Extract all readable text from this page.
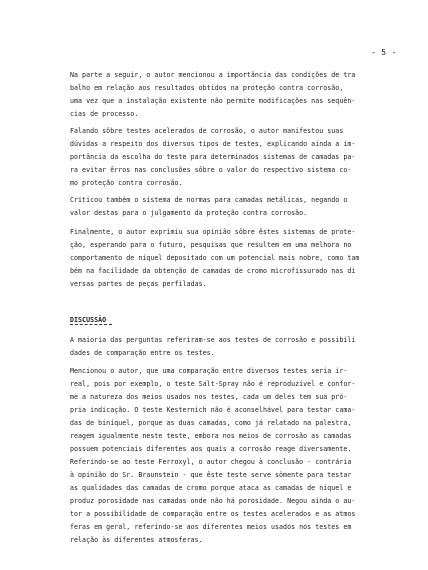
- 5 -
Na parte a seguir, o autor mencionou a importância das condições de tra
balho em relação aos resultados obtidos na proteção contra corrosão,
uma vez que a instalação existente não permite modificações nas sequên-
cias de processo.
Falando sôbre testes acelerados de corrosão, o autor manifestou suas
dúvidas a respeito dos diversos tipos de testes, explicando ainda a im-
portância da escolha do teste para determinados sistemas de camadas pa-
ra evitar êrros nas conclusões sôbre o valor do respectivo sistema co-
mo proteção contra corrosão.
Criticou também o sistema de normas para camadas metálicas, negando o
valor destas para o julgamento da proteção contra corrosão.
Finalmente, o autor exprimiu sua opinião sôbre êstes sistemas de prote-
ção, esperando para o futuro, pesquisas que resultem em uma melhora no
comportamento de níquel depositado com um potencial mais nobre, como tam
bém na facilidade da obtenção de camadas de cromo microfissurado nas di
versas partes de peças perfiladas.
DISCUSSÃO
A maioria das perguntas referiram-se aos testes de corrosão e possibili
dades de comparação entre os testes.
Mencionou o autor, que uma comparação entre diversos testes seria ir-
real, pois por exemplo, o teste Salt-Spray não é reproduzível e confor-
me a natureza dos meios usados nos testes, cada um deles tem sua pró-
pria indicação. O teste Kesternich não é aconselhável para testar cama-
das de biníquel, porque as duas camadas, como já relatado na palestra,
reagem igualmente neste teste, embora nos meios de corrosão as camadas
possuem potenciais diferentes aos quais a corrosão reage diversamente.
Referindo-se ao teste Ferroxyl, o autor chegou à conclusão - contrária
à opinião do Sr. Braunstein - que êste teste serve sòmente para testar
as qualidades das camadas de cromo porque ataca as camadas de níquel e
produz porosidade nas camadas onde não há porosidade. Negou ainda o au-
tor a possibilidade de comparação entre os testes acelerados e as atmos
feras em geral, referindo-se aos diferentes meios usados nos testes em
relação às diferentes atmosferas.
